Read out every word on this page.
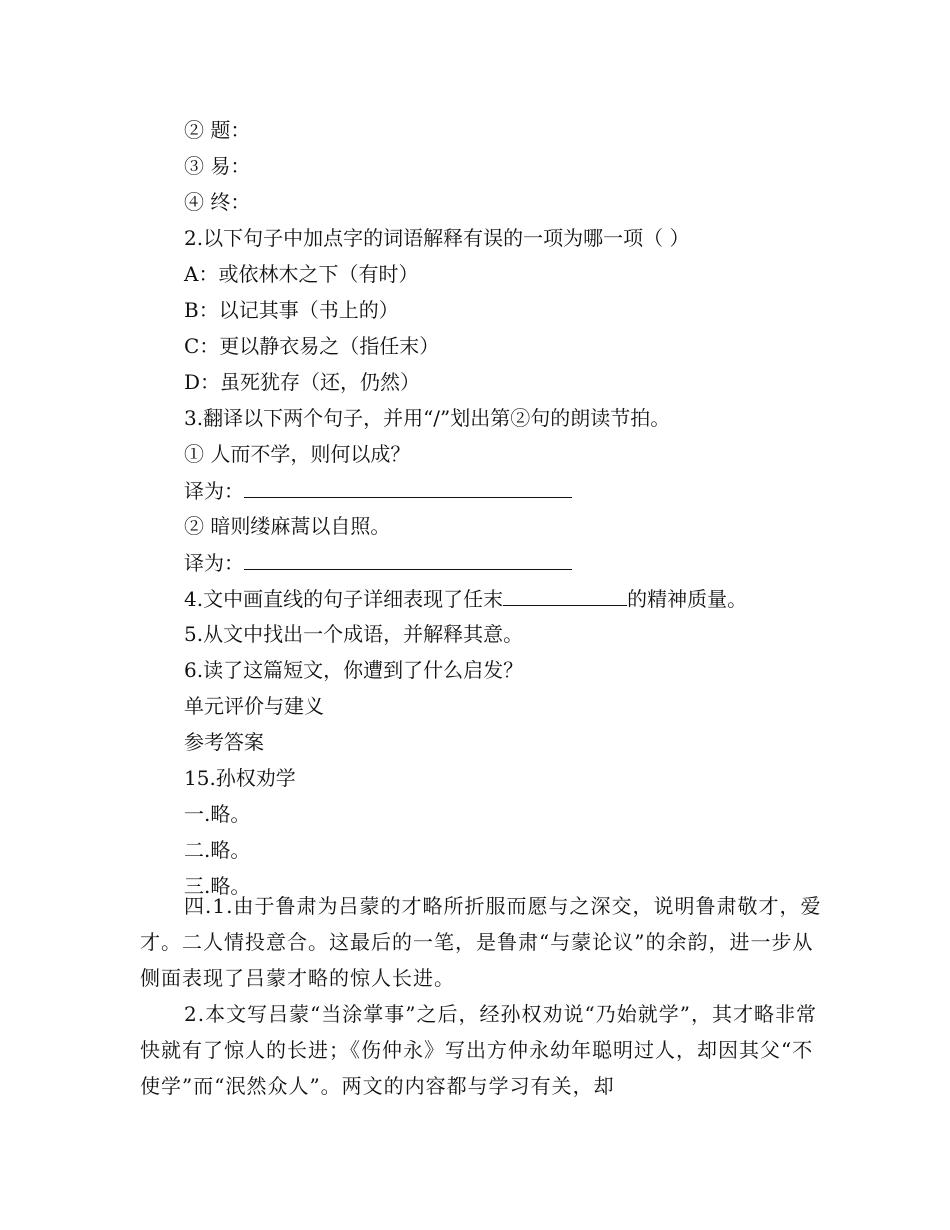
② 题：
③ 易：
④ 终：
2.以下句子中加点字的词语解释有误的一项为哪一项（ ）
A：或依林木之下（有时）
B：以记其事（书上的）
C：更以静衣易之（指任末）
D：虽死犹存（还，仍然）
3.翻译以下两个句子，并用“/”划出第②句的朗读节拍。
① 人而不学，则何以成？
译为：
② 暗则缕麻蒿以自照。
译为：
4.文中画直线的句子详细表现了任末	的精神质量。
5.从文中找出一个成语，并解释其意。
6.读了这篇短文，你遭到了什么启发？
单元评价与建义
参考答案
15.孙权劝学
一.略。
二.略。
三.略。
四.1.由于鲁肃为吕蒙的才略所折服而愿与之深交，说明鲁肃敬才，爱才。二人情投意合。这最后的一笔，是鲁肃“与蒙论议”的余韵，进一步从侧面表现了吕蒙才略的惊人长进。
2.本文写吕蒙“当涂掌事”之后，经孙权劝说“乃始就学”，其才略非常快就有了惊人的长进；《伤仲永》写出方仲永幼年聪明过人，却因其父“不使学”而“泯然众人”。两文的内容都与学习有关，却
